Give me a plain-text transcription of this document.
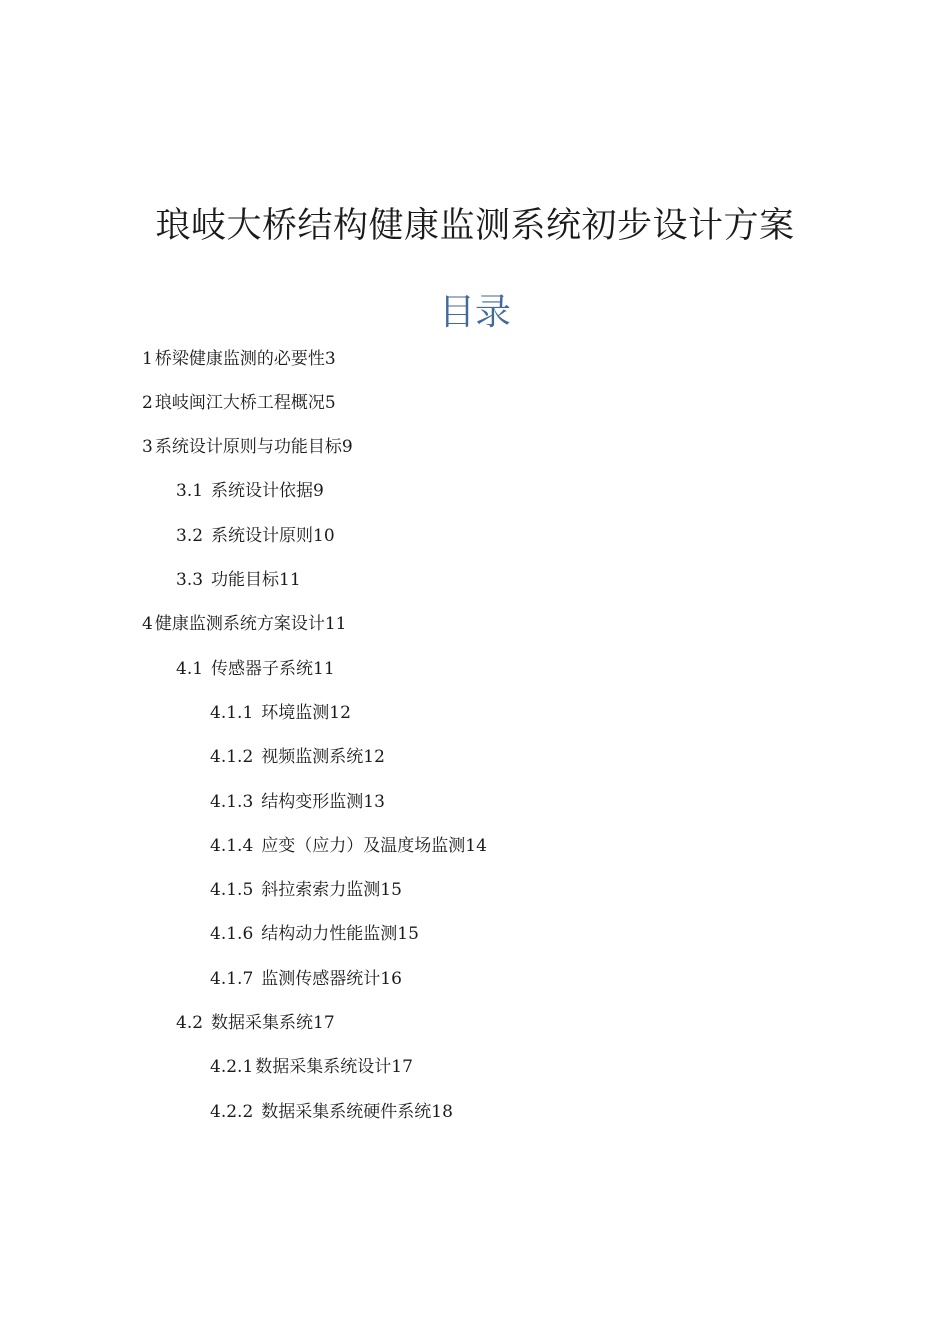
琅岐大桥结构健康监测系统初步设计方案
目录
1 桥梁健康监测的必要性3
2 琅岐闽江大桥工程概况5
3 系统设计原则与功能目标9
3.1 系统设计依据9
3.2 系统设计原则10
3.3 功能目标11
4 健康监测系统方案设计11
4.1 传感器子系统11
4.1.1 环境监测12
4.1.2 视频监测系统12
4.1.3 结构变形监测13
4.1.4 应变（应力）及温度场监测14
4.1.5 斜拉索索力监测15
4.1.6 结构动力性能监测15
4.1.7 监测传感器统计16
4.2 数据采集系统17
4.2.1 数据采集系统设计17
4.2.2 数据采集系统硬件系统18
